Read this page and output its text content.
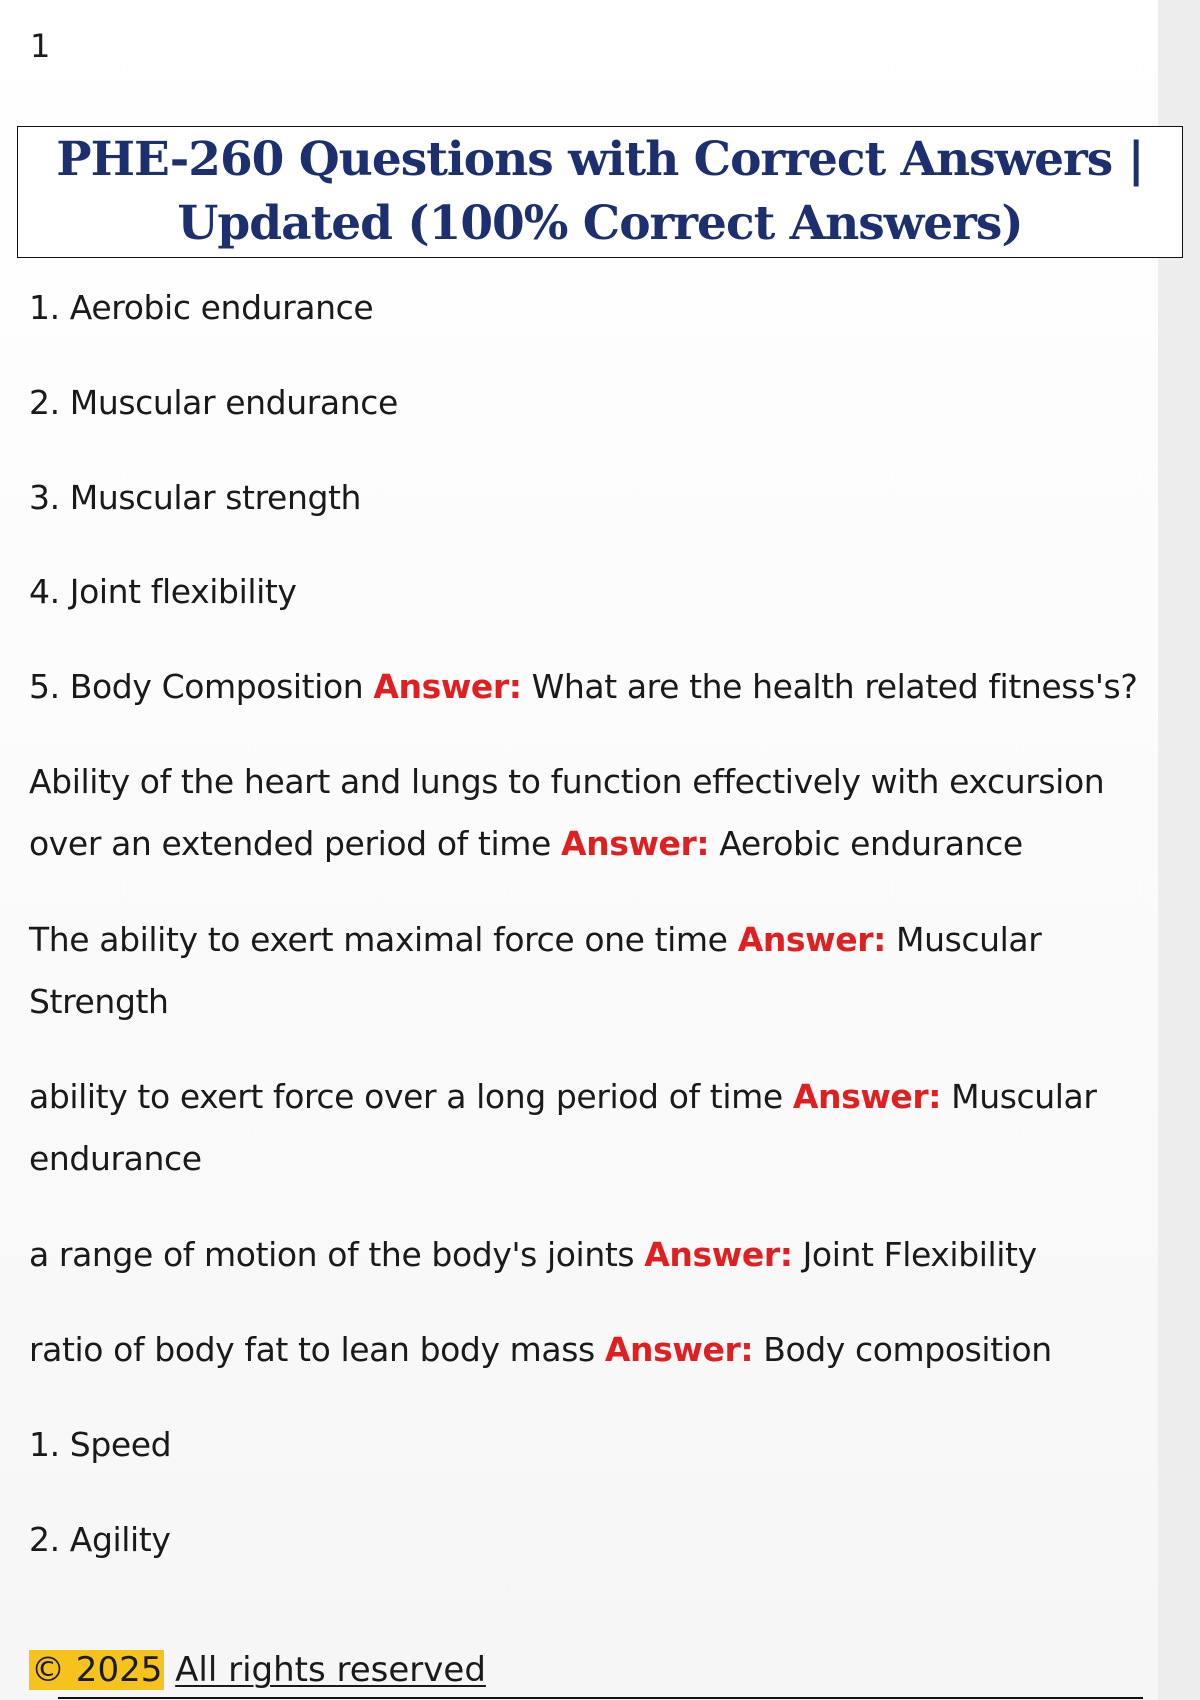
1
PHE-260 Questions with Correct Answers |
Updated (100% Correct Answers)
1. Aerobic endurance
2. Muscular endurance
3. Muscular strength
4. Joint flexibility
5. Body Composition Answer: What are the health related fitness's?
Ability of the heart and lungs to function effectively with excursion
over an extended period of time Answer: Aerobic endurance
The ability to exert maximal force one time Answer: Muscular
Strength
ability to exert force over a long period of time Answer: Muscular
endurance
a range of motion of the body's joints Answer: Joint Flexibility
ratio of body fat to lean body mass Answer: Body composition
1. Speed
2. Agility
© 2025 All rights reserved
